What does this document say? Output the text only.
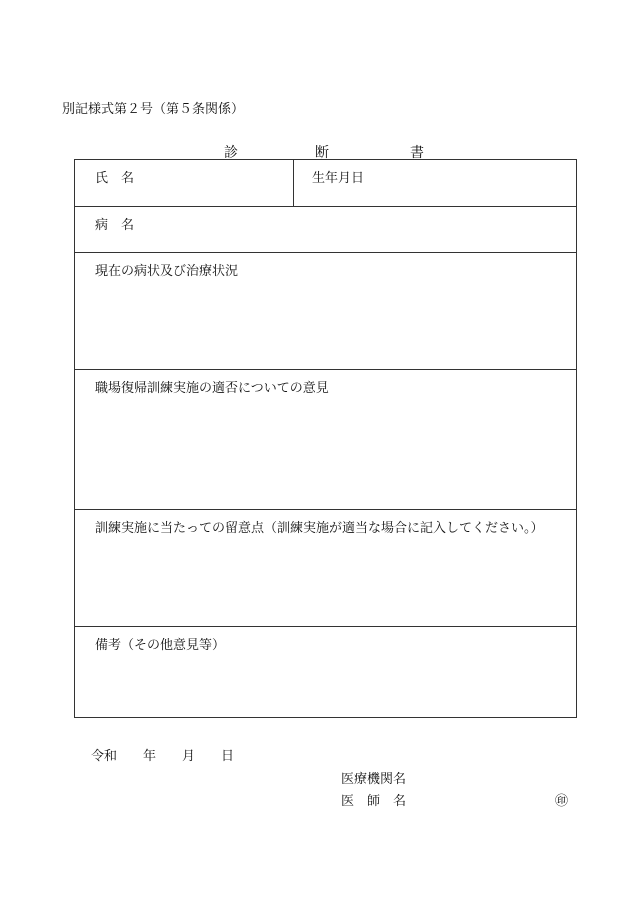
別記様式第２号（第５条関係）
診	断	書
氏　名	生年月日
病　名
現在の病状及び治療状況
職場復帰訓練実施の適否についての意見
訓練実施に当たっての留意点（訓練実施が適当な場合に記入してください。）
備考（その他意見等）
令和　　年　　月　　日
医療機関名
医　師　名	㊞
